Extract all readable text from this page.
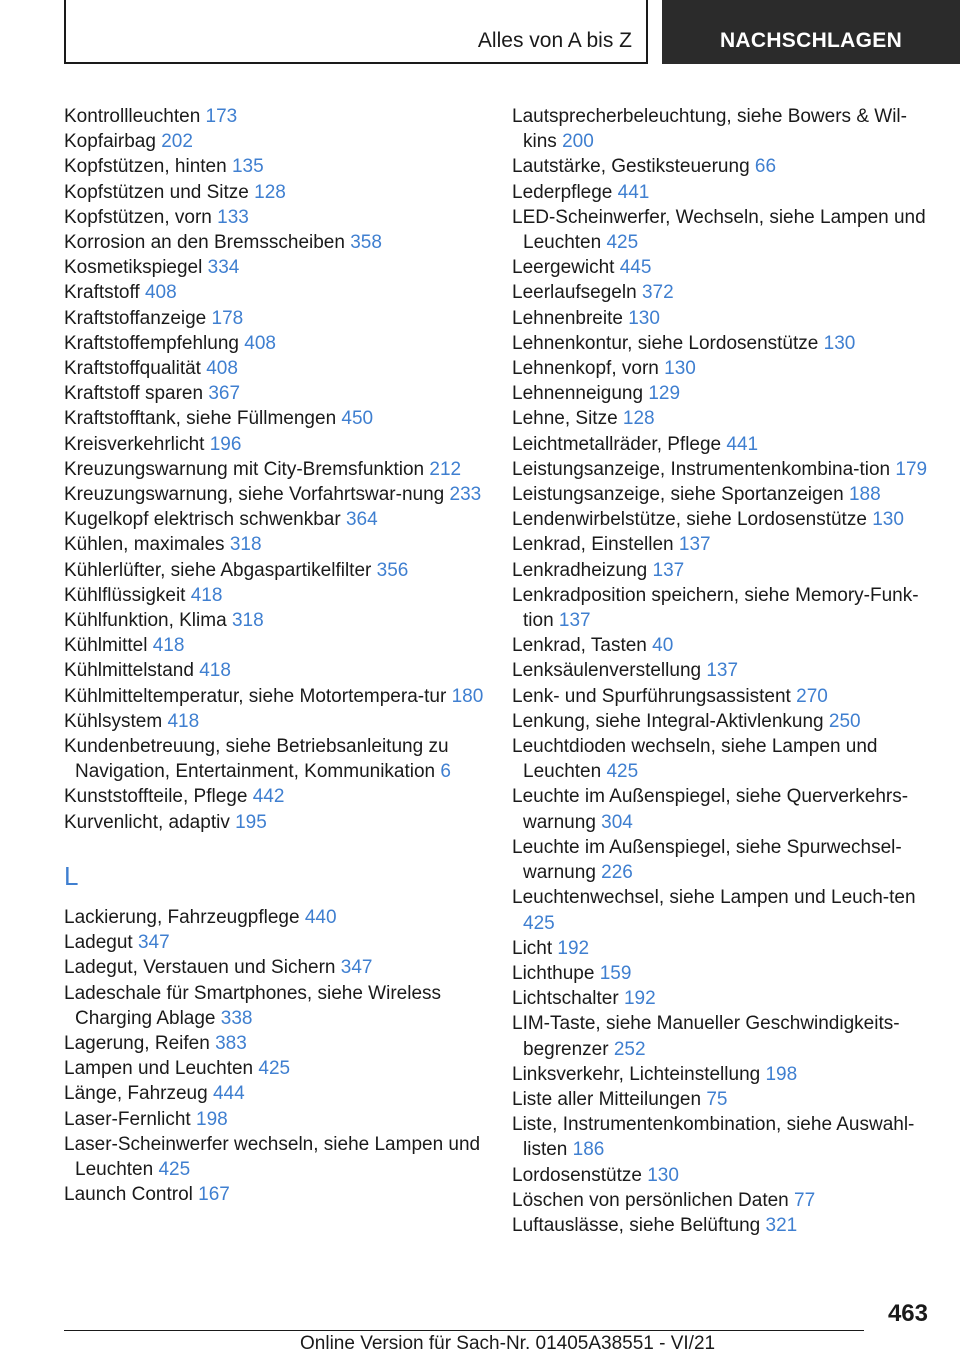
Alles von A bis Z	NACHSCHLAGEN
Kontrollleuchten 173
Kopfairbag 202
Kopfstützen, hinten 135
Kopfstützen und Sitze 128
Kopfstützen, vorn 133
Korrosion an den Bremsscheiben 358
Kosmetikspiegel 334
Kraftstoff 408
Kraftstoffanzeige 178
Kraftstoffempfehlung 408
Kraftstoffqualität 408
Kraftstoff sparen 367
Kraftstofftank, siehe Füllmengen 450
Kreisverkehrlicht 196
Kreuzungswarnung mit City-Bremsfunktion 212
Kreuzungswarnung, siehe Vorfahrtswar-nung 233
Kugelkopf elektrisch schwenkbar 364
Kühlen, maximales 318
Kühlerlüfter, siehe Abgaspartikelfilter 356
Kühlflüssigkeit 418
Kühlfunktion, Klima 318
Kühlmittel 418
Kühlmittelstand 418
Kühlmitteltemperatur, siehe Motortempera-tur 180
Kühlsystem 418
Kundenbetreuung, siehe Betriebsanleitung zu Navigation, Entertainment, Kommunikation 6
Kunststoffteile, Pflege 442
Kurvenlicht, adaptiv 195
L
Lackierung, Fahrzeugpflege 440
Ladegut 347
Ladegut, Verstauen und Sichern 347
Ladeschale für Smartphones, siehe Wireless Charging Ablage 338
Lagerung, Reifen 383
Lampen und Leuchten 425
Länge, Fahrzeug 444
Laser-Fernlicht 198
Laser-Scheinwerfer wechseln, siehe Lampen und Leuchten 425
Launch Control 167
Lautsprecherbeleuchtung, siehe Bowers & Wil-kins 200
Lautstärke, Gestiksteuerung 66
Lederpflege 441
LED-Scheinwerfer, Wechseln, siehe Lampen und Leuchten 425
Leergewicht 445
Leerlaufsegeln 372
Lehnenbreite 130
Lehnenkontur, siehe Lordosenstütze 130
Lehnenkopf, vorn 130
Lehnenneigung 129
Lehne, Sitze 128
Leichtmetallräder, Pflege 441
Leistungsanzeige, Instrumentenkombina-tion 179
Leistungsanzeige, siehe Sportanzeigen 188
Lendenwirbelstütze, siehe Lordosenstütze 130
Lenkrad, Einstellen 137
Lenkradheizung 137
Lenkradposition speichern, siehe Memory-Funk-tion 137
Lenkrad, Tasten 40
Lenksäulenverstellung 137
Lenk- und Spurführungsassistent 270
Lenkung, siehe Integral-Aktivlenkung 250
Leuchtdioden wechseln, siehe Lampen und Leuchten 425
Leuchte im Außenspiegel, siehe Querverkehrs-warnung 304
Leuchte im Außenspiegel, siehe Spurwechsel-warnung 226
Leuchtenwechsel, siehe Lampen und Leuch-ten 425
Licht 192
Lichthupe 159
Lichtschalter 192
LIM-Taste, siehe Manueller Geschwindigkeits-begrenzer 252
Linksverkehr, Lichteinstellung 198
Liste aller Mitteilungen 75
Liste, Instrumentenkombination, siehe Auswahl-listen 186
Lordosenstütze 130
Löschen von persönlichen Daten 77
Luftauslässe, siehe Belüftung 321
463
Online Version für Sach-Nr. 01405A38551 - VI/21
